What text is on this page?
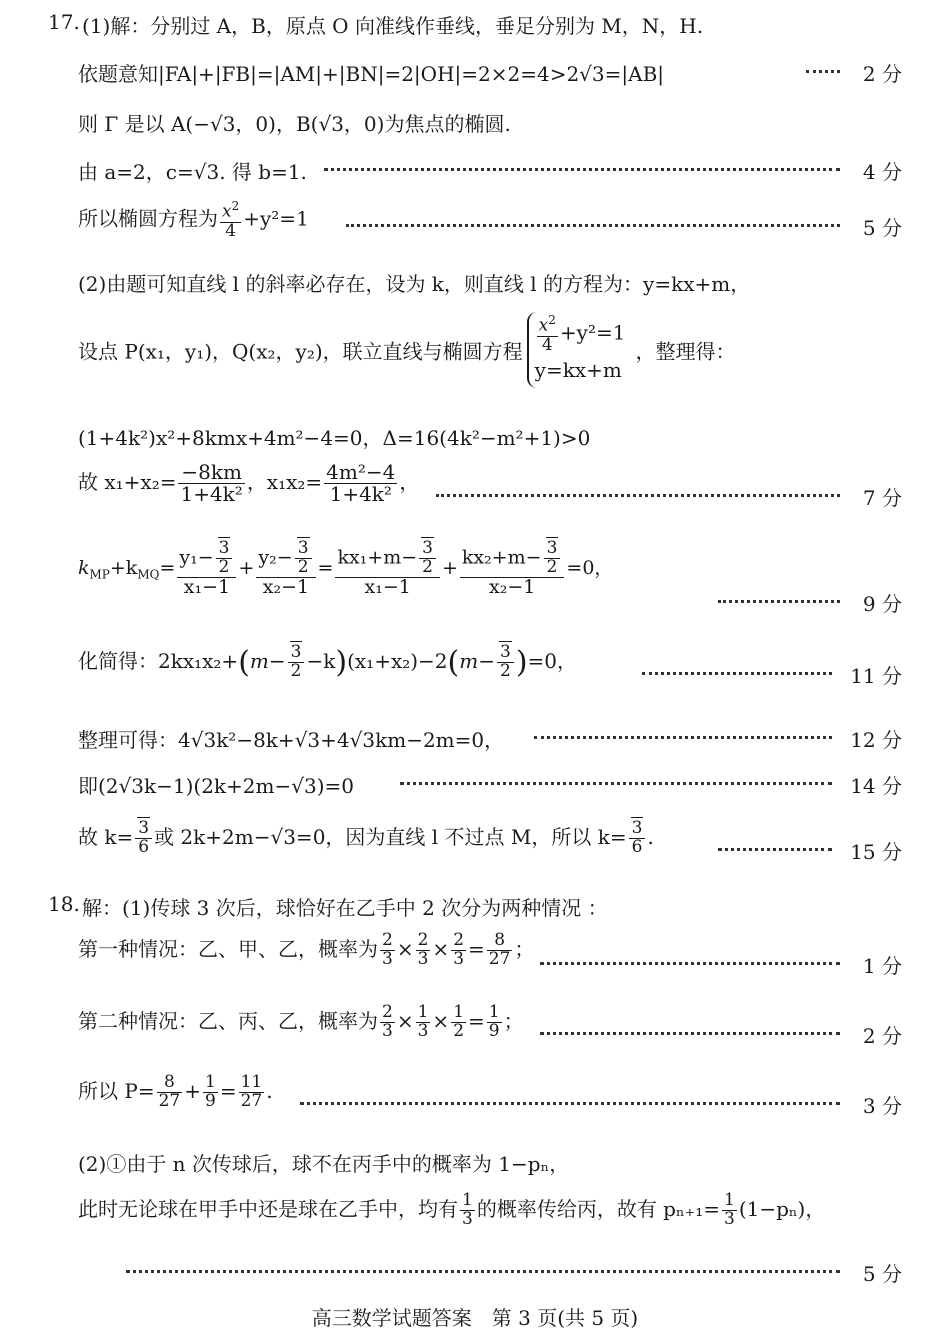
17. (1)解：分别过 A，B，原点 O 向准线作垂线，垂足分别为 M，N，H.
依题意知|FA|+|FB|=|AM|+|BN|=2|OH|=2×2=4>2√3=|AB|	2 分
则 Γ 是以 A(−√3，0)，B(√3，0)为焦点的椭圆.
由 a=2，c=√3. 得 b=1.	4 分
所以椭圆方程为 $\frac{x^2}{4} +y^2=1$	5 分
(2)由题可知直线 l 的斜率必存在，设为 k，则直线 l 的方程为：y=kx+m，
设点 P(x₁，y₁)，Q(x₂，y₂)，联立直线与椭圆方程 $\frac{x^2}{4} +y^2=1$
y=kx+m
，整理得：
(1+4k²)x²+8kmx+4m²−4=0，Δ=16(4k²−m²+1)>0
故 $x_1+x_2= \frac{-8km}{\text{1+4k²}}$ ，$x_1x_2= \frac{\text{4m²−4}}{\text{1+4k²}}$ ，
7 分
$k_{MP}+k_{MQ}= \frac{y_1- \frac{3}{2}}{\text{x₁−1}} + \frac{y_2- \frac{3}{2}}{\text{x₂−1}} = \frac{kx_1+m- \frac{3}{2}}{\text{x₁−1}} + \frac{kx_2+m- \frac{3}{2}}{\text{x₂−1}} =0$，
9 分
化简得：$2kx_1x_2+(m- \frac{3}{2} -k)(x_1+x_2)-2(m- \frac{3}{2} )=0$，
11 分
整理可得：4√3k²−8k+√3+4√3km−2m=0，	12 分
即(2√3k−1)(2k+2m−√3)=0	14 分
故 $k= \frac{3}{6}$ 或 2k+2m−√3=0，因为直线 l 不过点 M，所以 $k= \frac{3}{6}$ .
15 分
18. 解：(1)传球 3 次后，球恰好在乙手中 2 次分为两种情况 ：
第一种情况：乙、甲、乙，概率为 $\frac{2}{3} \times \frac{2}{3} \times \frac{2}{3} = \frac{8}{27}$ ；
1 分
第二种情况：乙、丙、乙，概率为 $\frac{2}{3} \times \frac{1}{3} \times \frac{1}{2} = \frac{1}{9}$ ；
2 分
所以 $P= \frac{8}{27} + \frac{1}{9} = \frac{11}{27}$ .
3 分
(2)①由于 n 次传球后，球不在丙手中的概率为 1−pₙ，
此时无论球在甲手中还是球在乙手中，均有 $\frac{1}{3}$ 的概率传给丙，故有 $p_{n+1}= \frac{1}{3} (1-p_n)$，
5 分
高三数学试题答案　第 3 页(共 5 页)
